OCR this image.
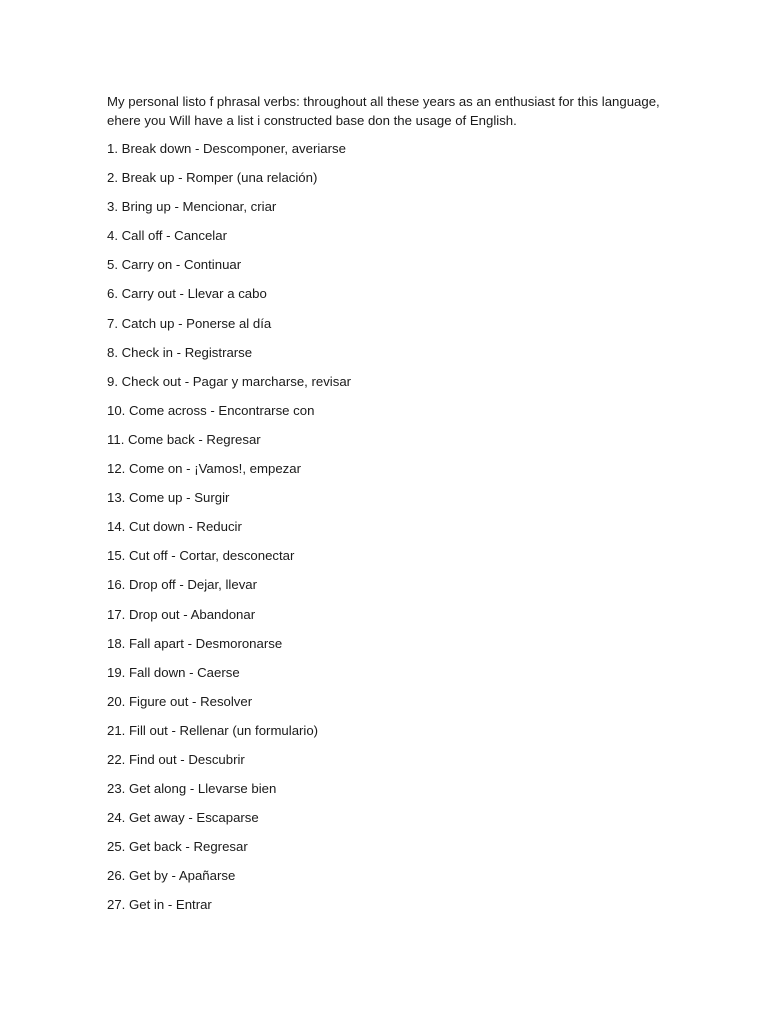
My personal listo f phrasal verbs: throughout all these years as an enthusiast for this language,
ehere you Will have a list i constructed base don the usage of English.

1. Break down - Descomponer, averiarse
2. Break up - Romper (una relación)
3. Bring up - Mencionar, criar
4. Call off - Cancelar
5. Carry on - Continuar
6. Carry out - Llevar a cabo
7. Catch up - Ponerse al día
8. Check in - Registrarse
9. Check out - Pagar y marcharse, revisar
10. Come across - Encontrarse con
11. Come back - Regresar
12. Come on - ¡Vamos!, empezar
13. Come up - Surgir
14. Cut down - Reducir
15. Cut off - Cortar, desconectar
16. Drop off - Dejar, llevar
17. Drop out - Abandonar
18. Fall apart - Desmoronarse
19. Fall down - Caerse
20. Figure out - Resolver
21. Fill out - Rellenar (un formulario)
22. Find out - Descubrir
23. Get along - Llevarse bien
24. Get away - Escaparse
25. Get back - Regresar
26. Get by - Apañarse
27. Get in - Entrar
